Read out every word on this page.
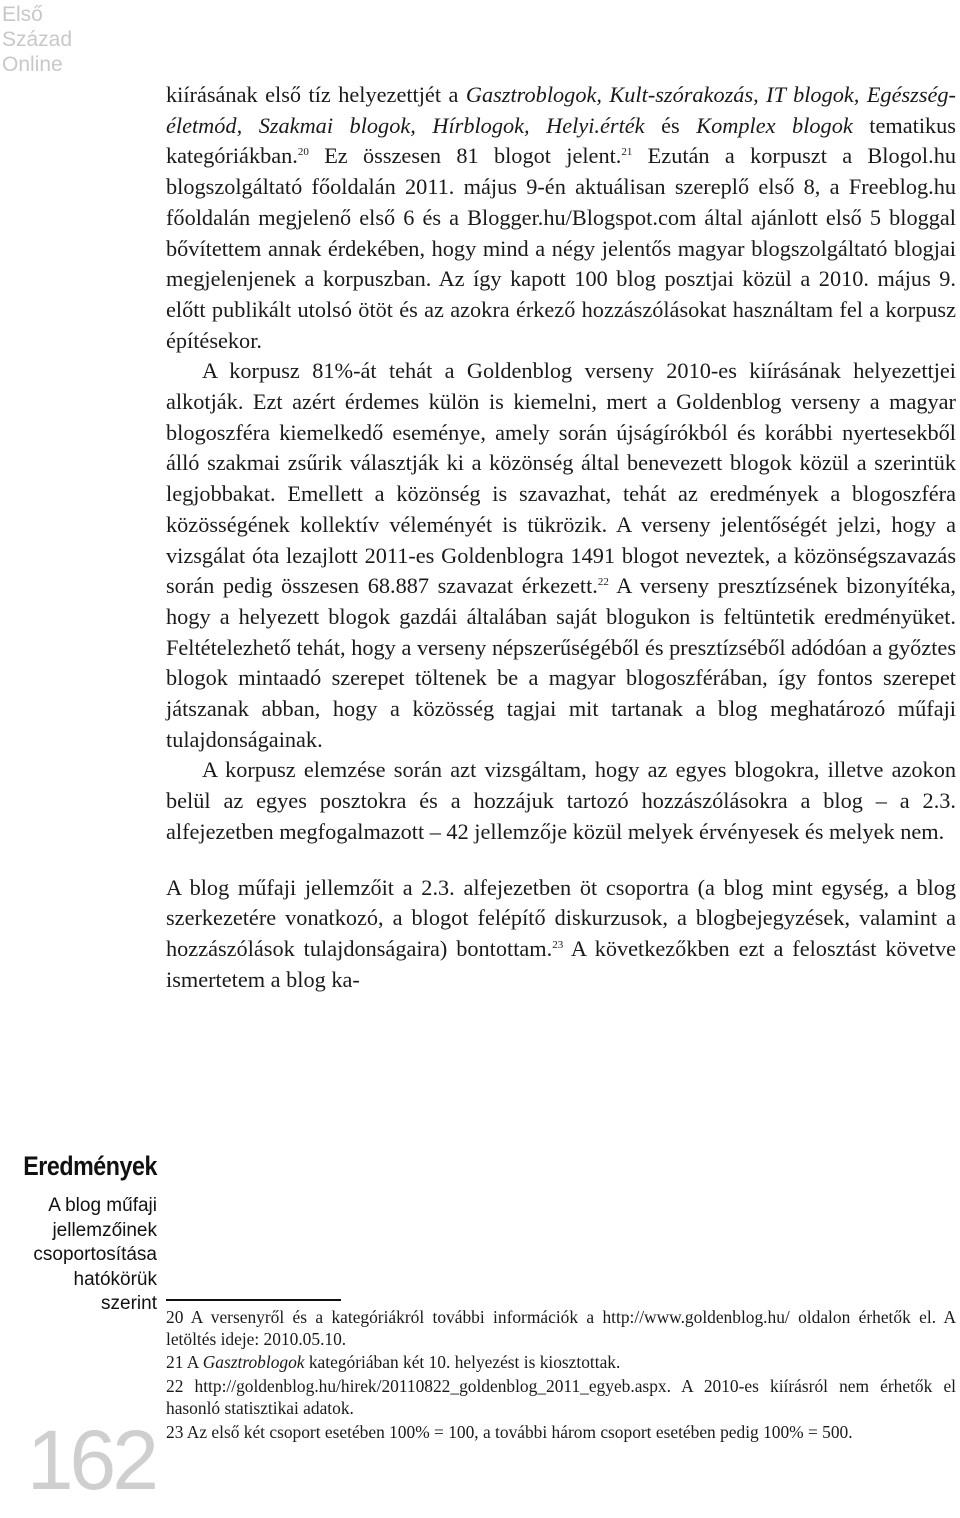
Első
Század
Online

kiírásának első tíz helyezettjét a Gasztroblogok, Kult-szórakozás, IT blogok, Egészség-életmód, Szakmai blogok, Hírblogok, Helyi.érték és Komplex blogok tematikus kategóriákban.$^{20}$ Ez összesen 81 blogot jelent.$^{21}$ Ezután a korpuszt a Blogol.hu blogszolgáltató főoldalán 2011. május 9-én aktuálisan szereplő első 8, a Freeblog.hu főoldalán megjelenő első 6 és a Blogger.hu/Blogspot.com által ajánlott első 5 bloggal bővítettem annak érdekében, hogy mind a négy jelentős magyar blogszolgáltató blogjai megjelenjenek a korpuszban. Az így kapott 100 blog posztjai közül a 2010. május 9. előtt publikált utolsó ötöt és az azokra érkező hozzászólásokat használtam fel a korpusz építésekor.

A korpusz 81%-át tehát a Goldenblog verseny 2010-es kiírásának helyezettjei alkotják. Ezt azért érdemes külön is kiemelni, mert a Goldenblog verseny a magyar blogoszféra kiemelkedő eseménye, amely során újságírókból és korábbi nyertesekből álló szakmai zsűrik választják ki a közönség által benevezett blogok közül a szerintük legjobbakat. Emellett a közönség is szavazhat, tehát az eredmények a blogoszféra közösségének kollektív véleményét is tükrözik. A verseny jelentőségét jelzi, hogy a vizsgálat óta lezajlott 2011-es Goldenblogra 1491 blogot neveztek, a közönségszavazás során pedig összesen 68.887 szavazat érkezett.$^{22}$ A verseny presztízsének bizonyítéka, hogy a helyezett blogok gazdái általában saját blogukon is feltüntetik eredményüket. Feltételezhető tehát, hogy a verseny népszerűségéből és presztízséből adódóan a győztes blogok mintaadó szerepet töltenek be a magyar blogoszférában, így fontos szerepet játszanak abban, hogy a közösség tagjai mit tartanak a blog meghatározó műfaji tulajdonságainak.

A korpusz elemzése során azt vizsgáltam, hogy az egyes blogokra, illetve azokon belül az egyes posztokra és a hozzájuk tartozó hozzászólásokra a blog – a 2.3. alfejezetben megfogalmazott – 42 jellemzője közül melyek érvényesek és melyek nem.

A blog műfaji jellemzőit a 2.3. alfejezetben öt csoportra (a blog mint egység, a blog szerkezetére vonatkozó, a blogot felépítő diskurzusok, a blogbejegyzések, valamint a hozzászólások tulajdonságaira) bontottam.$^{23}$ A következőkben ezt a felosztást követve ismertetem a blog ka-

Eredmények
A blog műfaji
jellemzőinek
csoportosítása
hatókörük
szerint
162

20 A versenyről és a kategóriákról további információk a http://www.goldenblog.hu/ oldalon érhetők el. A letöltés ideje: 2010.05.10.

21 A Gasztroblogok kategóriában két 10. helyezést is kiosztottak.

22 http://goldenblog.hu/hirek/20110822_goldenblog_2011_egyeb.aspx. A 2010-es kiírásról nem érhetők el hasonló statisztikai adatok.

23 Az első két csoport esetében 100% = 100, a további három csoport esetében pedig 100% = 500.
